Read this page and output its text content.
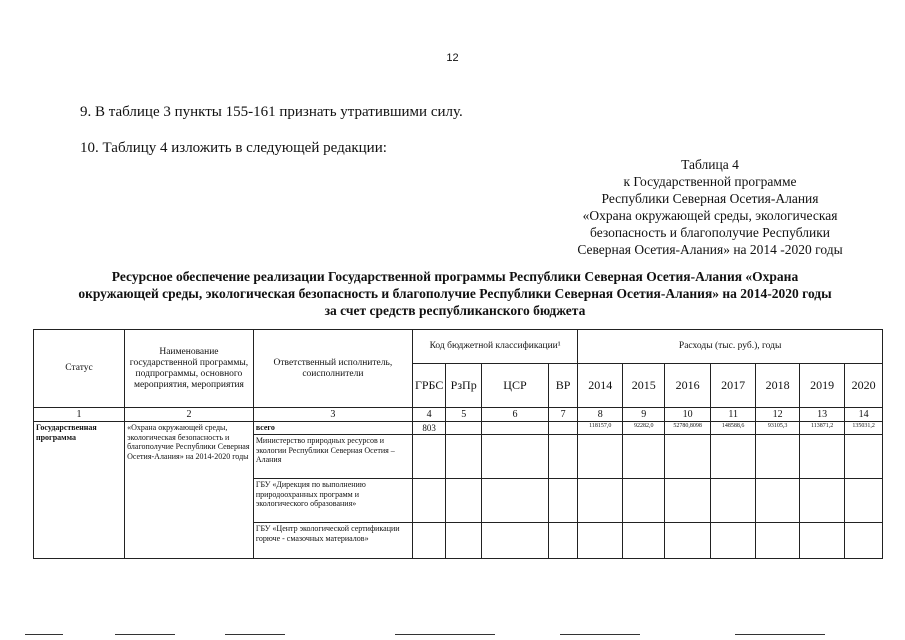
12
9. В таблице 3 пункты 155-161 признать утратившими силу.
10. Таблицу 4 изложить в следующей редакции:
Таблица 4
к Государственной программе
Республики Северная Осетия-Алания
«Охрана окружающей среды, экологическая
безопасность и благополучие Республики
Северная Осетия-Алания» на 2014 -2020 годы
Ресурсное обеспечение реализации Государственной программы Республики Северная Осетия-Алания «Охрана
окружающей среды, экологическая безопасность и благополучие Республики Северная Осетия-Алания» на 2014-2020 годы
за счет средств республиканского бюджета
Статус	Наименование государственной программы, подпрограммы, основного мероприятия, мероприятия	Ответственный исполнитель, соисполнители	Код бюджетной классификации¹				Расходы (тыс. руб.), годы						
			ГРБС	РзПр	ЦСР	ВР	2014	2015	2016	2017	2018	2019	2020
1	2	3	4	5	6	7	8	9	10	11	12	13	14
Государственная программа	«Охрана окружающей среды, экологическая безопасность и благополучие Республики Северная Осетия-Алания» на 2014-2020 годы	всего	803				118157,0	92282,0	52780,8098	148588,6	93105,3	113871,2	135031,2
		Министерство природных ресурсов и экологии Республики Северная Осетия – Алания											
		ГБУ «Дирекция по выполнению природоохранных программ и экологического образования»											
		ГБУ «Центр экологической сертификации горюче - смазочных материалов»											
